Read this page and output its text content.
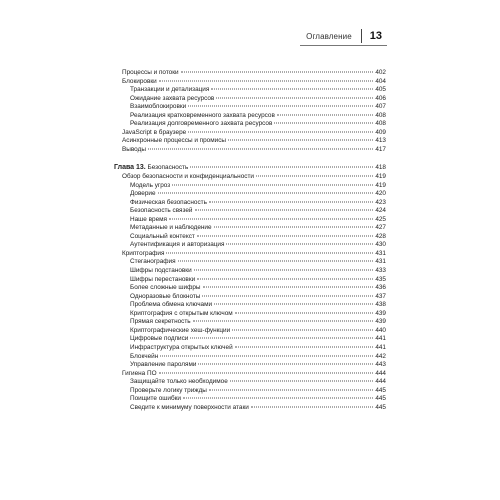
Оглавление 13
Процессы и потоки	402
Блокировки	404
Транзакции и детализация	405
Ожидание захвата ресурсов	406
Взаимоблокировки	407
Реализация кратковременного захвата ресурсов	408
Реализация долговременного захвата ресурсов	408
JavaScript в браузере	409
Асинхронные процессы и промисы	413
Выводы	417
Глава 13. Безопасность	418
Обзор безопасности и конфиденциальности	419
Модель угроз	419
Доверие	420
Физическая безопасность	423
Безопасность связей	424
Наше время	425
Метаданные и наблюдение	427
Социальный контекст	428
Аутентификация и авторизация	430
Криптография	431
Стеганография	431
Шифры подстановки	433
Шифры перестановки	435
Более сложные шифры	436
Одноразовые блокноты	437
Проблема обмена ключами	438
Криптография с открытым ключом	439
Прямая секретность	439
Криптографические хеш-функции	440
Цифровые подписи	441
Инфраструктура открытых ключей	441
Блокчейн	442
Управление паролями	443
Гигиена ПО	444
Защищайте только необходимое	444
Проверьте логику трижды	445
Поищите ошибки	445
Сведите к минимуму поверхности атаки	445
